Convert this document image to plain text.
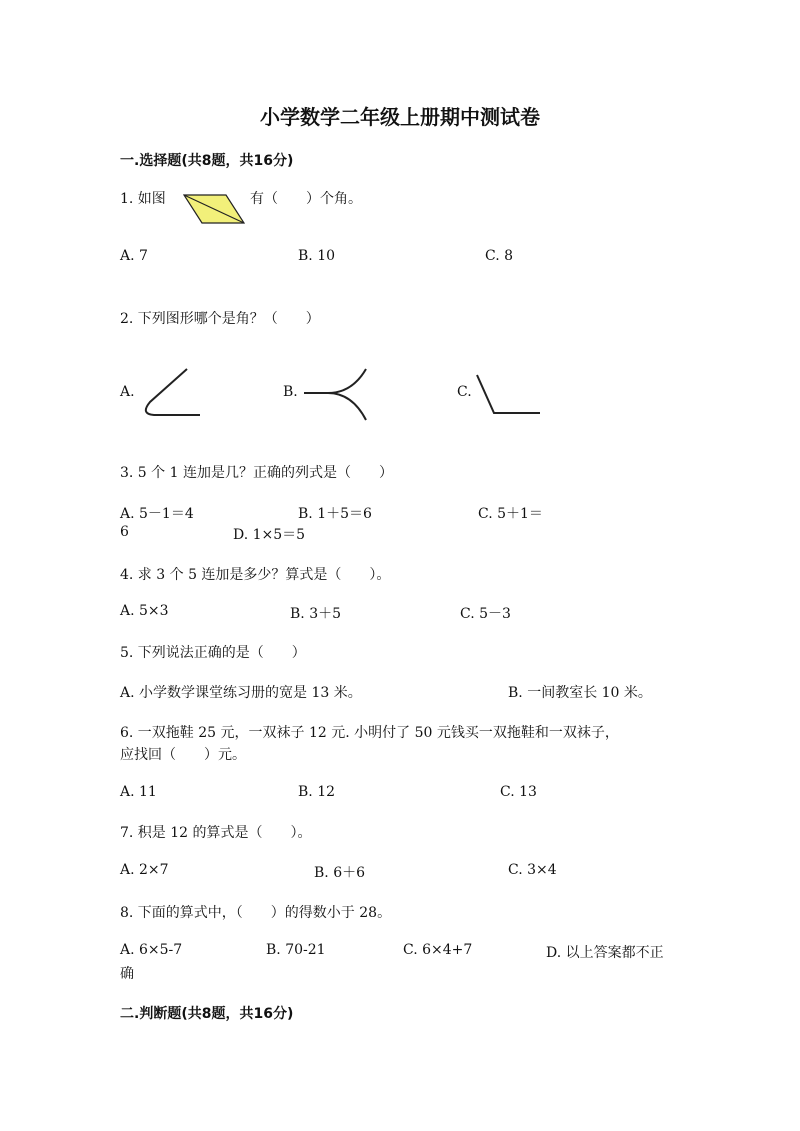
小学数学二年级上册期中测试卷
一.选择题(共8题，共16分)
1. 如图	有（　　）个角。
A. 7	B. 10	C. 8
2. 下列图形哪个是角？（　　）
A.	B.	C.
3. 5 个 1 连加是几？正确的列式是（　　）
A. 5－1＝4	B. 1＋5＝6	C. 5＋1＝
6	D. 1×5＝5
4. 求 3 个 5 连加是多少？算式是（　　）。
A. 5×3	B. 3＋5	C. 5－3
5. 下列说法正确的是（　　）
A. 小学数学课堂练习册的宽是 13 米。	B. 一间教室长 10 米。
6. 一双拖鞋 25 元，一双袜子 12 元. 小明付了 50 元钱买一双拖鞋和一双袜子，
应找回（　　）元。
A. 11	B. 12	C. 13
7. 积是 12 的算式是（　　）。
A. 2×7	B. 6＋6	C. 3×4
8. 下面的算式中，（　　）的得数小于 28。
A. 6×5-7	B. 70-21	C. 6×4+7	D. 以上答案都不正
确
二.判断题(共8题，共16分)
